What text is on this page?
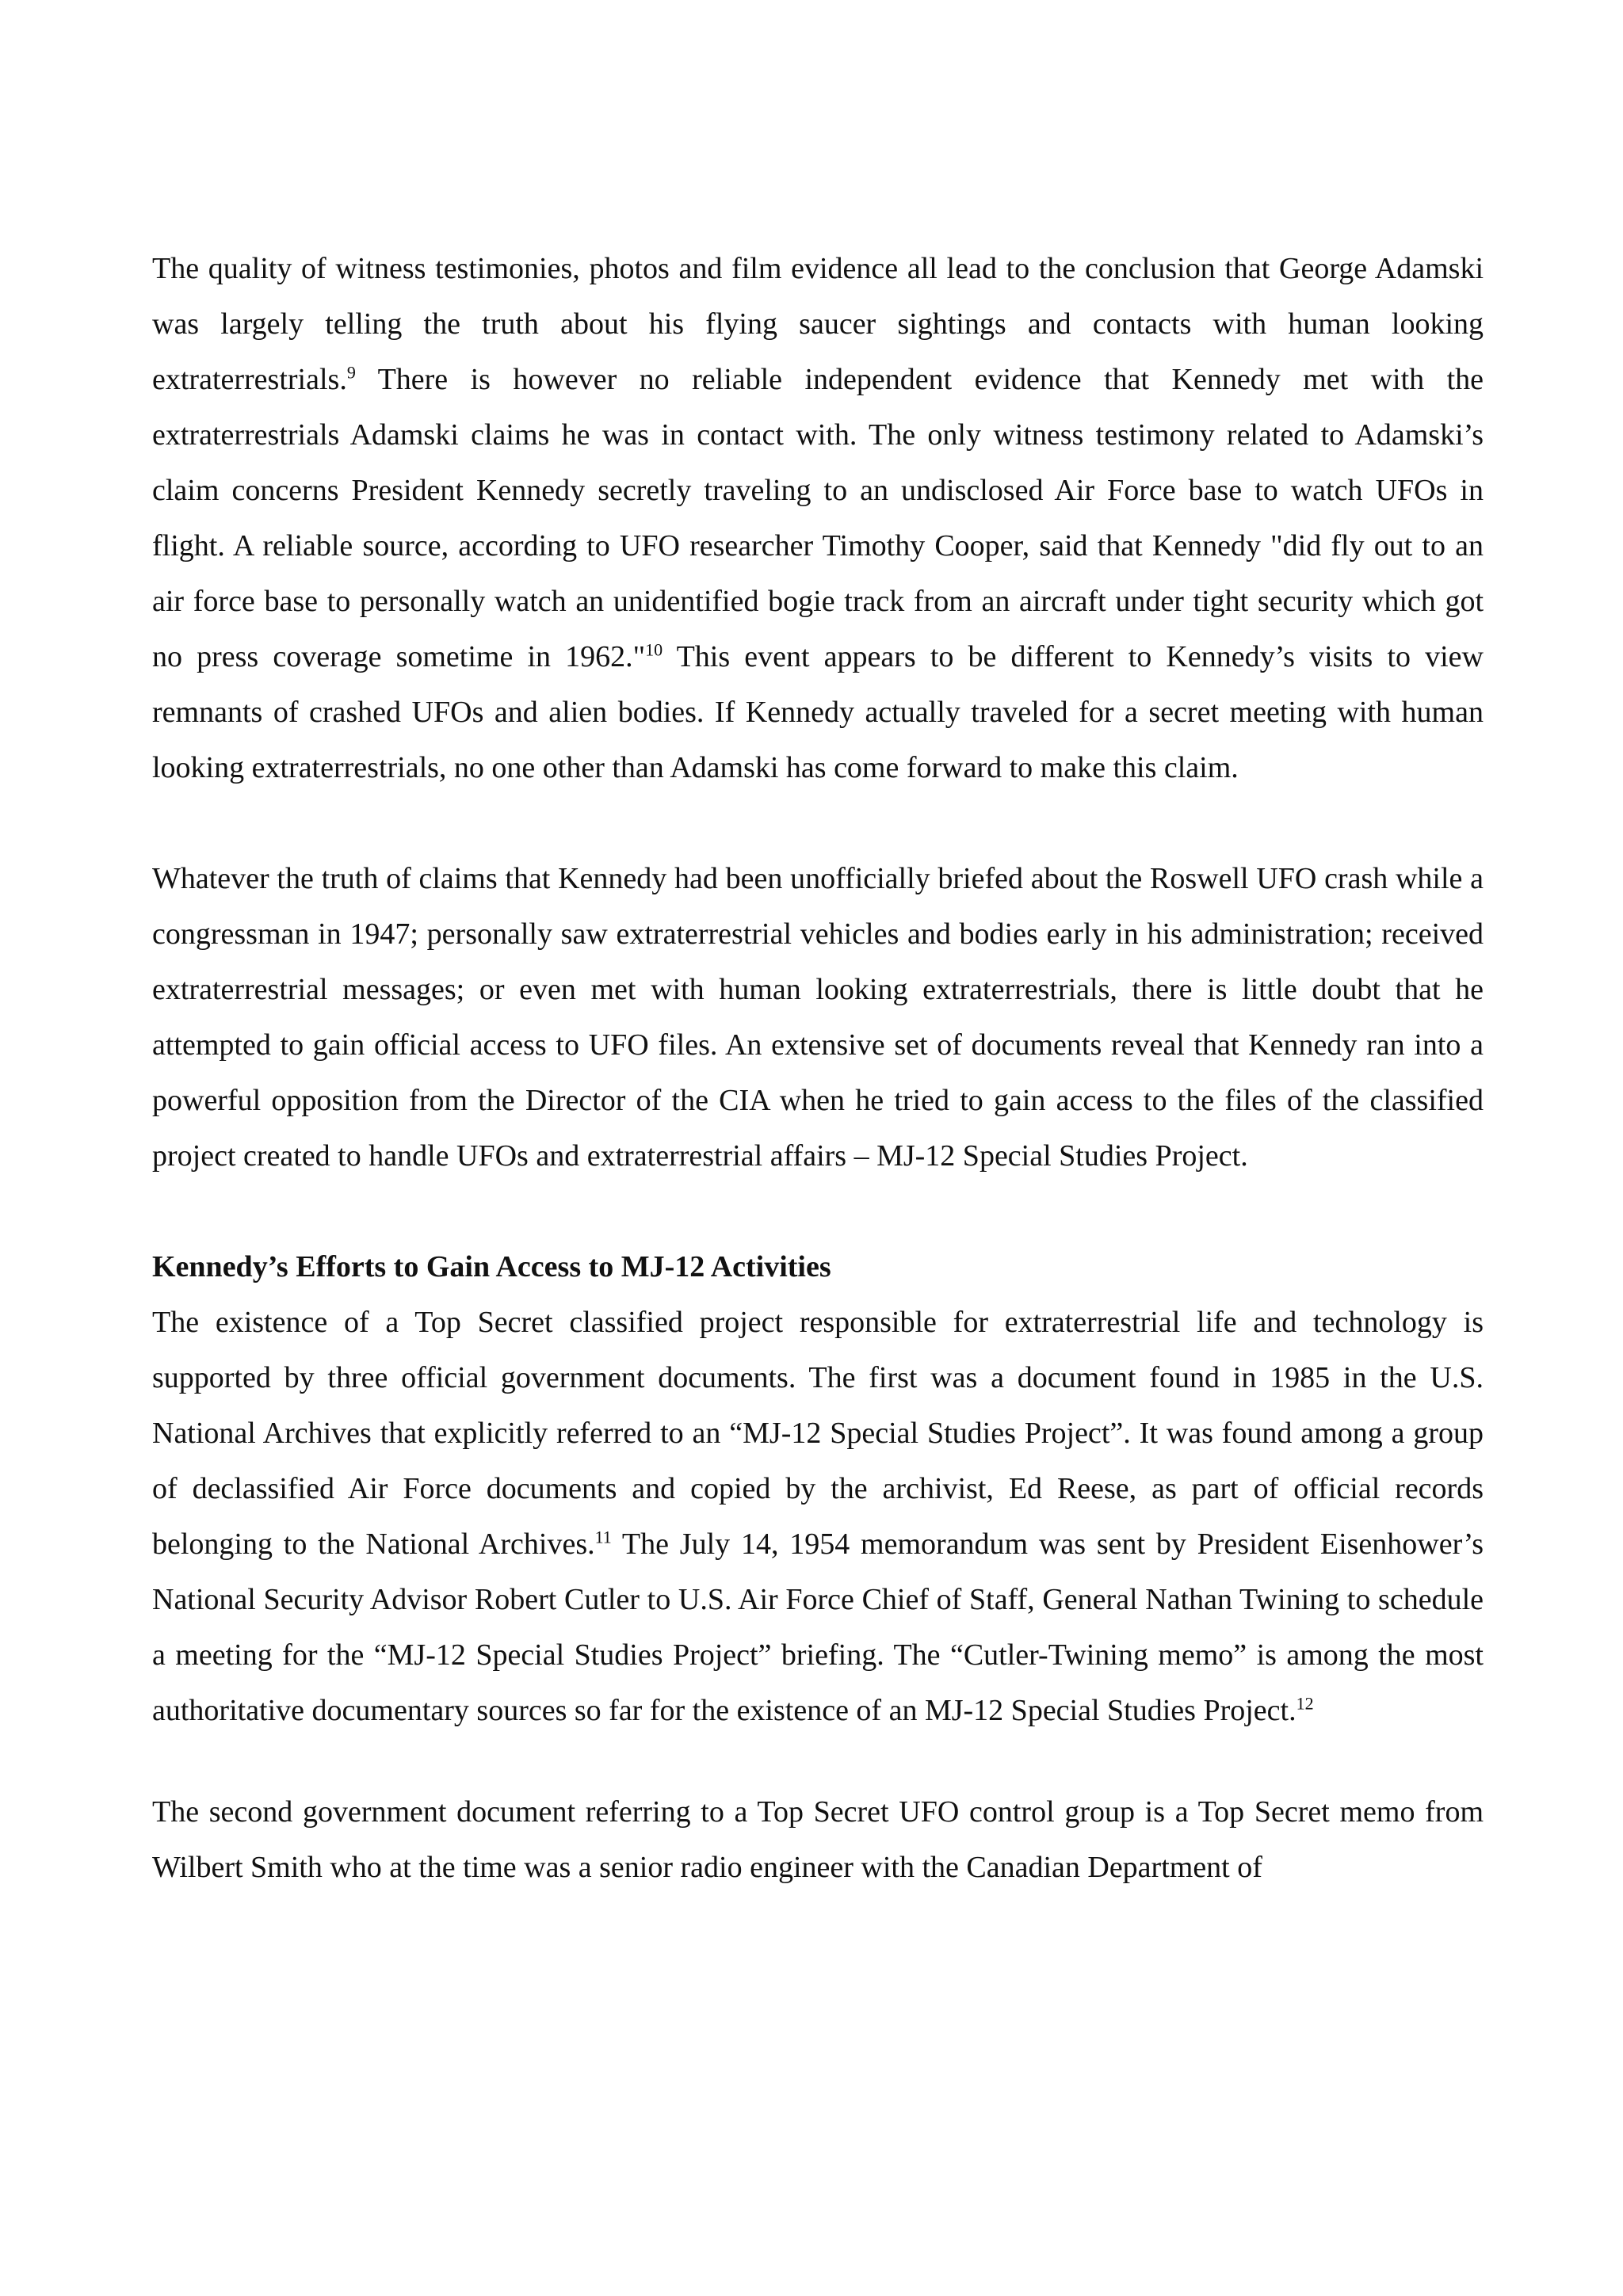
The quality of witness testimonies, photos and film evidence all lead to the conclusion that George Adamski was largely telling the truth about his flying saucer sightings and contacts with human looking extraterrestrials.$^9$ There is however no reliable independent evidence that Kennedy met with the extraterrestrials Adamski claims he was in contact with. The only witness testimony related to Adamski’s claim concerns President Kennedy secretly traveling to an undisclosed Air Force base to watch UFOs in flight. A reliable source, according to UFO researcher Timothy Cooper, said that Kennedy "did fly out to an air force base to personally watch an unidentified bogie track from an aircraft under tight security which got no press coverage sometime in 1962."$^{10}$ This event appears to be different to Kennedy’s visits to view remnants of crashed UFOs and alien bodies. If Kennedy actually traveled for a secret meeting with human looking extraterrestrials, no one other than Adamski has come forward to make this claim.

Whatever the truth of claims that Kennedy had been unofficially briefed about the Roswell UFO crash while a congressman in 1947; personally saw extraterrestrial vehicles and bodies early in his administration; received extraterrestrial messages; or even met with human looking extraterrestrials, there is little doubt that he attempted to gain official access to UFO files. An extensive set of documents reveal that Kennedy ran into a powerful opposition from the Director of the CIA when he tried to gain access to the files of the classified project created to handle UFOs and extraterrestrial affairs – MJ-12 Special Studies Project.

Kennedy’s Efforts to Gain Access to MJ-12 Activities

The existence of a Top Secret classified project responsible for extraterrestrial life and technology is supported by three official government documents. The first was a document found in 1985 in the U.S. National Archives that explicitly referred to an “MJ-12 Special Studies Project”. It was found among a group of declassified Air Force documents and copied by the archivist, Ed Reese, as part of official records belonging to the National Archives.$^{11}$ The July 14, 1954 memorandum was sent by President Eisenhower’s National Security Advisor Robert Cutler to U.S. Air Force Chief of Staff, General Nathan Twining to schedule a meeting for the “MJ-12 Special Studies Project” briefing. The “Cutler-Twining memo” is among the most authoritative documentary sources so far for the existence of an MJ-12 Special Studies Project.$^{12}$

The second government document referring to a Top Secret UFO control group is a Top Secret memo from Wilbert Smith who at the time was a senior radio engineer with the Canadian Department of
